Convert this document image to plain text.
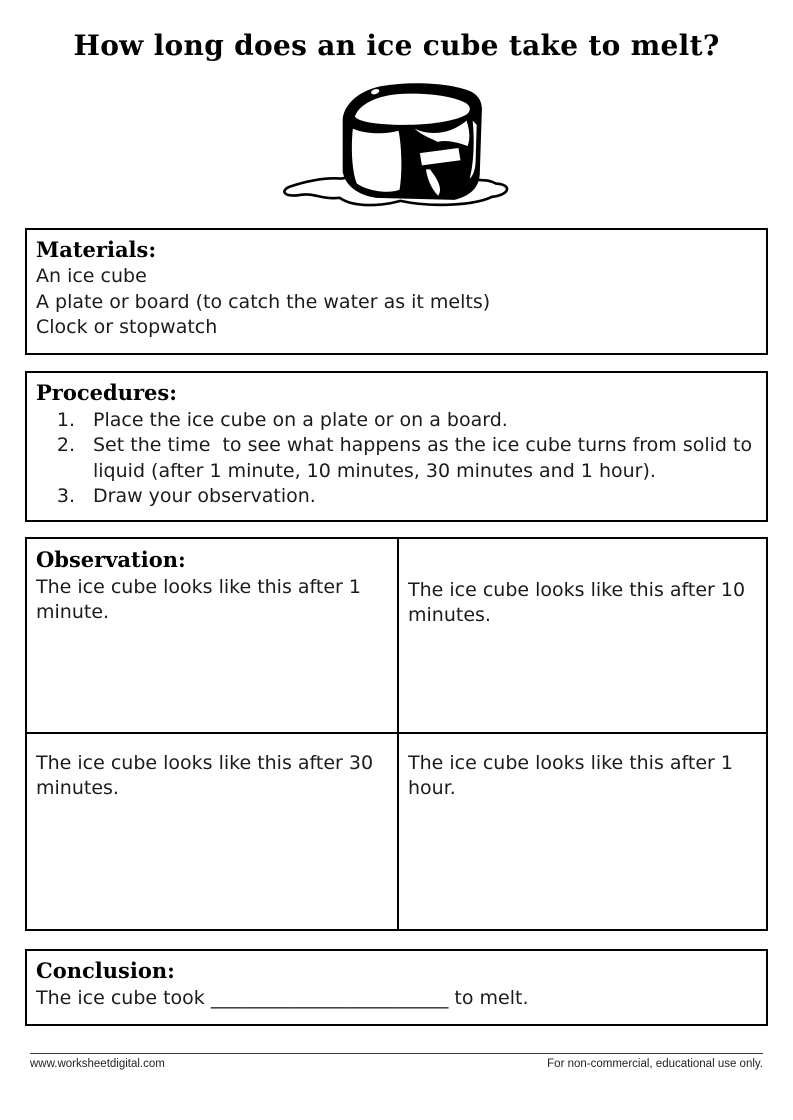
How long does an ice cube take to melt?
Materials:
An ice cube
A plate or board (to catch the water as it melts)
Clock or stopwatch
Procedures:
1. Place the ice cube on a plate or on a board.
2. Set the time  to see what happens as the ice cube turns from solid to liquid (after 1 minute, 10 minutes, 30 minutes and 1 hour).
3. Draw your observation.
Observation:
The ice cube looks like this after 1 minute.
The ice cube looks like this after 10 minutes.
The ice cube looks like this after 30 minutes.
The ice cube looks like this after 1 hour.
Conclusion:
The ice cube took _________________________ to melt.
www.worksheetdigital.com	For non-commercial, educational use only.
